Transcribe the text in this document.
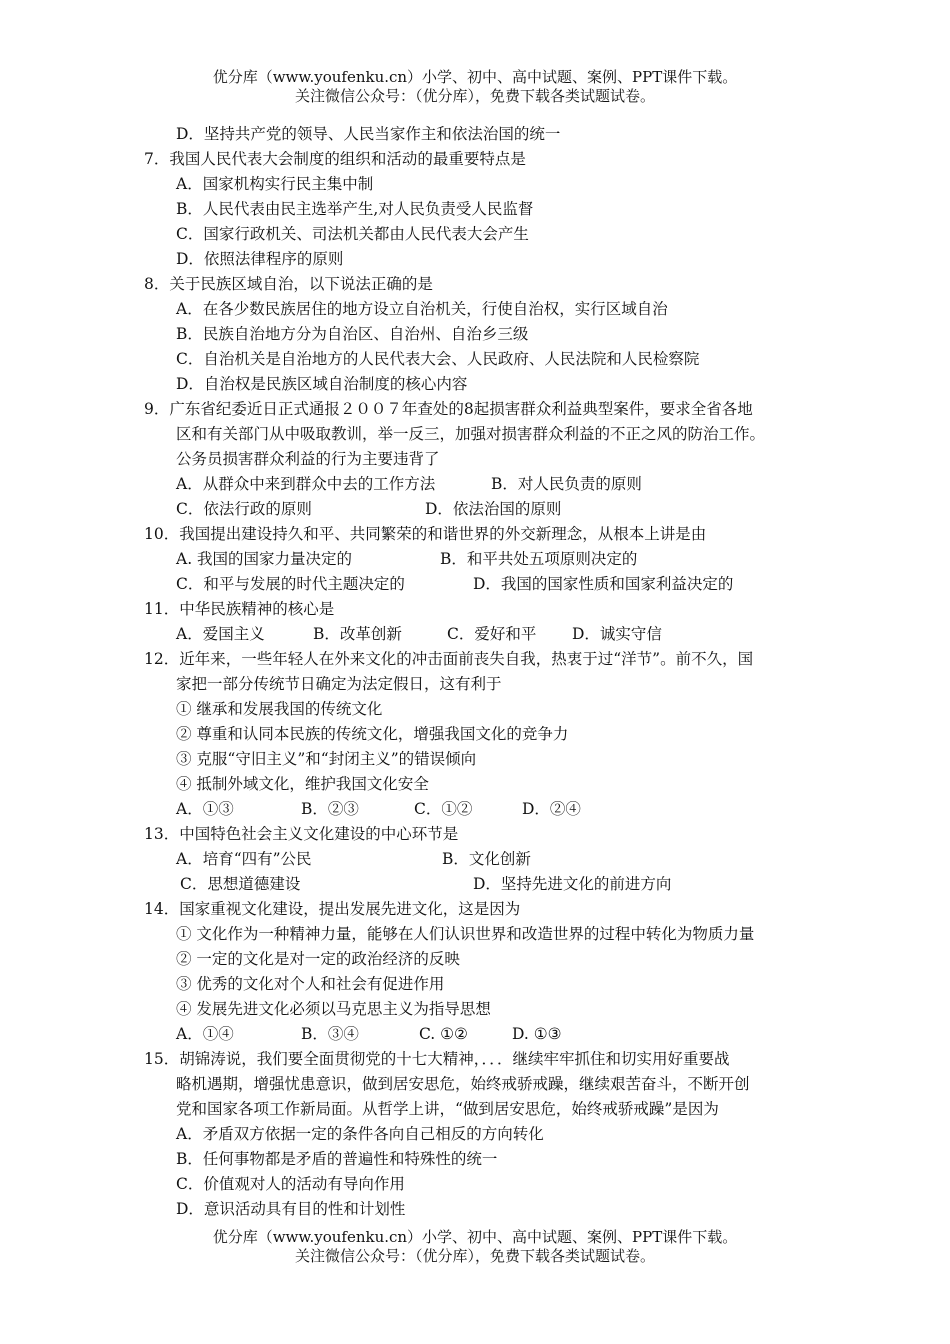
优分库（www.youfenku.cn）小学、初中、高中试题、案例、PPT课件下载。
关注微信公众号：（优分库），免费下载各类试题试卷。
D．坚持共产党的领导、人民当家作主和依法治国的统一
7．我国人民代表大会制度的组织和活动的最重要特点是
A．国家机构实行民主集中制
B．人民代表由民主选举产生,对人民负责受人民监督
C．国家行政机关、司法机关都由人民代表大会产生
D．依照法律程序的原则
8．关于民族区域自治，以下说法正确的是
A．在各少数民族居住的地方设立自治机关，行使自治权，实行区域自治
B．民族自治地方分为自治区、自治州、自治乡三级
C．自治机关是自治地方的人民代表大会、人民政府、人民法院和人民检察院
D．自治权是民族区域自治制度的核心内容
9．广东省纪委近日正式通报２００７年查处的8起损害群众利益典型案件，要求全省各地
区和有关部门从中吸取教训，举一反三，加强对损害群众利益的不正之风的防治工作。
公务员损害群众利益的行为主要违背了
A．从群众中来到群众中去的工作方法	B．对人民负责的原则
C．依法行政的原则	D．依法治国的原则
10．我国提出建设持久和平、共同繁荣的和谐世界的外交新理念，从根本上讲是由
A. 我国的国家力量决定的	B．和平共处五项原则决定的
C．和平与发展的时代主题决定的	D．我国的国家性质和国家利益决定的
11．中华民族精神的核心是
A．爱国主义	B．改革创新	C．爱好和平 D．诚实守信
12．近年来，一些年轻人在外来文化的冲击面前丧失自我，热衷于过“洋节”。前不久，国
家把一部分传统节日确定为法定假日，这有利于
① 继承和发展我国的传统文化
② 尊重和认同本民族的传统文化，增强我国文化的竞争力
③ 克服“守旧主义”和“封闭主义”的错误倾向
④ 抵制外域文化，维护我国文化安全
A．①③	B．②③	C．①②	D．②④
13．中国特色社会主义文化建设的中心环节是
A．培育“四有”公民	B．文化创新
C．思想道德建设	D．坚持先进文化的前进方向
14．国家重视文化建设，提出发展先进文化，这是因为
① 文化作为一种精神力量，能够在人们认识世界和改造世界的过程中转化为物质力量
② 一定的文化是对一定的政治经济的反映
③ 优秀的文化对个人和社会有促进作用
④ 发展先进文化必须以马克思主义为指导思想
A．①④	B．③④	C. ①②	D. ①③
15．胡锦涛说，我们要全面贯彻党的十七大精神，．．．继续牢牢抓住和切实用好重要战
略机遇期，增强忧患意识，做到居安思危，始终戒骄戒躁，继续艰苦奋斗，不断开创
党和国家各项工作新局面。从哲学上讲，“做到居安思危，始终戒骄戒躁”是因为
A．矛盾双方依据一定的条件各向自己相反的方向转化
B．任何事物都是矛盾的普遍性和特殊性的统一
C．价值观对人的活动有导向作用
D．意识活动具有目的性和计划性
优分库（www.youfenku.cn）小学、初中、高中试题、案例、PPT课件下载。
关注微信公众号：（优分库），免费下载各类试题试卷。
